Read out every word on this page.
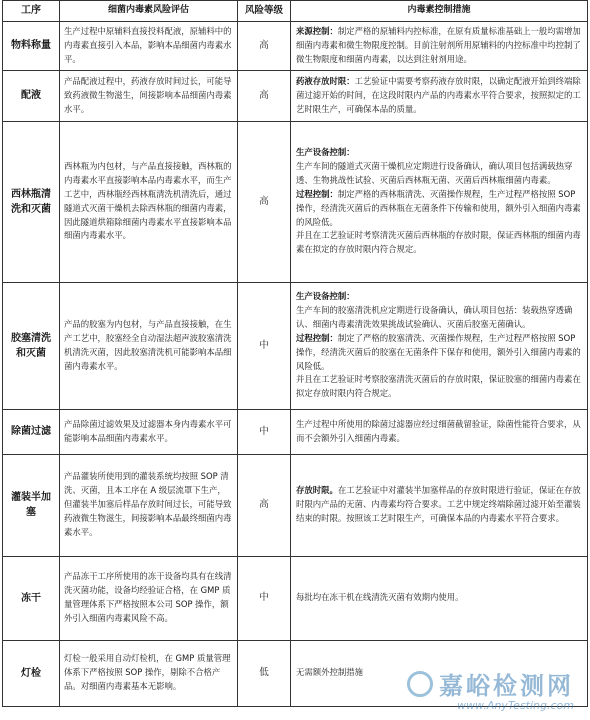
工序	细菌内毒素风险评估	风险等级	内毒素控制措施
物料称量	生产过程中原辅料直接投料配液，原辅料中的内毒素直接引入本品，影响本品细菌内毒素水平。	高	来源控制：制定严格的原辅料内控标准，在原有质量标准基础上一般均需增加细菌内毒素和微生物限度控制。目前注射剂所用原辅料的内控标准中均控制了微生物限度和细菌内毒素，以达到注射剂用途。

配液	产品配液过程中，药液存放时间过长，可能导致药液微生物滋生，间接影响本品细菌内毒素水平。	高	药液存放时限：工艺验证中需要考察药液存放时限，以确定配液开始到终端除菌过滤开始的时间，在这段时限内产品的内毒素水平符合要求，按照拟定的工艺时限生产，可确保本品的质量。

西林瓶清洗和灭菌	西林瓶为内包材，与产品直接接触，西林瓶的内毒素水平直接影响本品内毒素水平，而生产工艺中，西林瓶经西林瓶清洗机清洗后，通过隧道式灭菌干燥机去除西林瓶的细菌内毒素，因此隧道烘箱除细菌内毒素水平直接影响本品细菌内毒素水平。	高	生产设备控制：
生产车间的隧道式灭菌干燥机应定期进行设备确认，确认项目包括满载热穿透、生物挑战性试验、灭菌后西林瓶无菌、灭菌后西林瓶细菌内毒素。
过程控制：制定严格的西林瓶清洗、灭菌操作规程，生产过程严格按照 SOP 操作，经清洗灭菌后的西林瓶在无菌条件下传输和使用，额外引入细菌内毒素的风险低。
并且在工艺验证时考察清洗灭菌后西林瓶的存放时限，保证西林瓶的细菌内毒素在拟定的存放时限内符合规定。

胶塞清洗和灭菌	产品的胶塞为内包材，与产品直接接触，在生产工艺中，胶塞经全自动湿法超声波胶塞清洗机清洗灭菌，因此胶塞清洗机可能影响本品细菌内毒素水平。	中	生产设备控制：
生产车间的胶塞清洗机应定期进行设备确认，确认项目包括：装载热穿透确认、细菌内毒素清洗效果挑战试验确认、灭菌后胶塞无菌确认。
过程控制：制定了严格的胶塞清洗、灭菌操作规程，生产过程严格按照 SOP 操作，经清洗灭菌后的胶塞在无菌条件下保存和使用，额外引入细菌内毒素的风险低。
并且在工艺验证时考察胶塞清洗灭菌后的存放时限，保证胶塞的细菌内毒素在拟定存放时限内符合规定。

除菌过滤	产品除菌过滤效果及过滤器本身内毒素水平可能影响本品细菌内毒素水平。	中	生产过程中所使用的除菌过滤器应经过细菌截留验证，除菌性能符合要求，从而不会额外引入细菌内毒素。

灌装半加塞	产品灌装所使用到的灌装系统均按照 SOP 清洗、灭菌，且本工序在 A 级层流罩下生产，但灌装半加塞后样品存放时间过长，可能导致药液微生物滋生，间接影响本品最终细菌内毒素水平。	高	存放时限。在工艺验证中对灌装半加塞样品的存放时限进行验证，保证在存放时限内产品的无菌、内毒素均符合要求。工艺中规定终端除菌过滤开始至灌装结束的时限。按照该工艺时限生产，可确保本品的内毒素水平符合要求。

冻干	产品冻干工序所使用的冻干设备均具有在线清洗灭菌功能，设备均经验证合格，在 GMP 质量管理体系下严格按照本公司 SOP 操作，额外引入细菌内毒素风险不高。	中	每批均在冻干机在线清洗灭菌有效期内使用。

灯检	灯检一般采用自动灯检机，在 GMP 质量管理体系下严格按照 SOP 操作，剔除不合格产品。对细菌内毒素基本无影响。	低	无需额外控制措施	嘉峪检测网
www.AnyTesting.com
